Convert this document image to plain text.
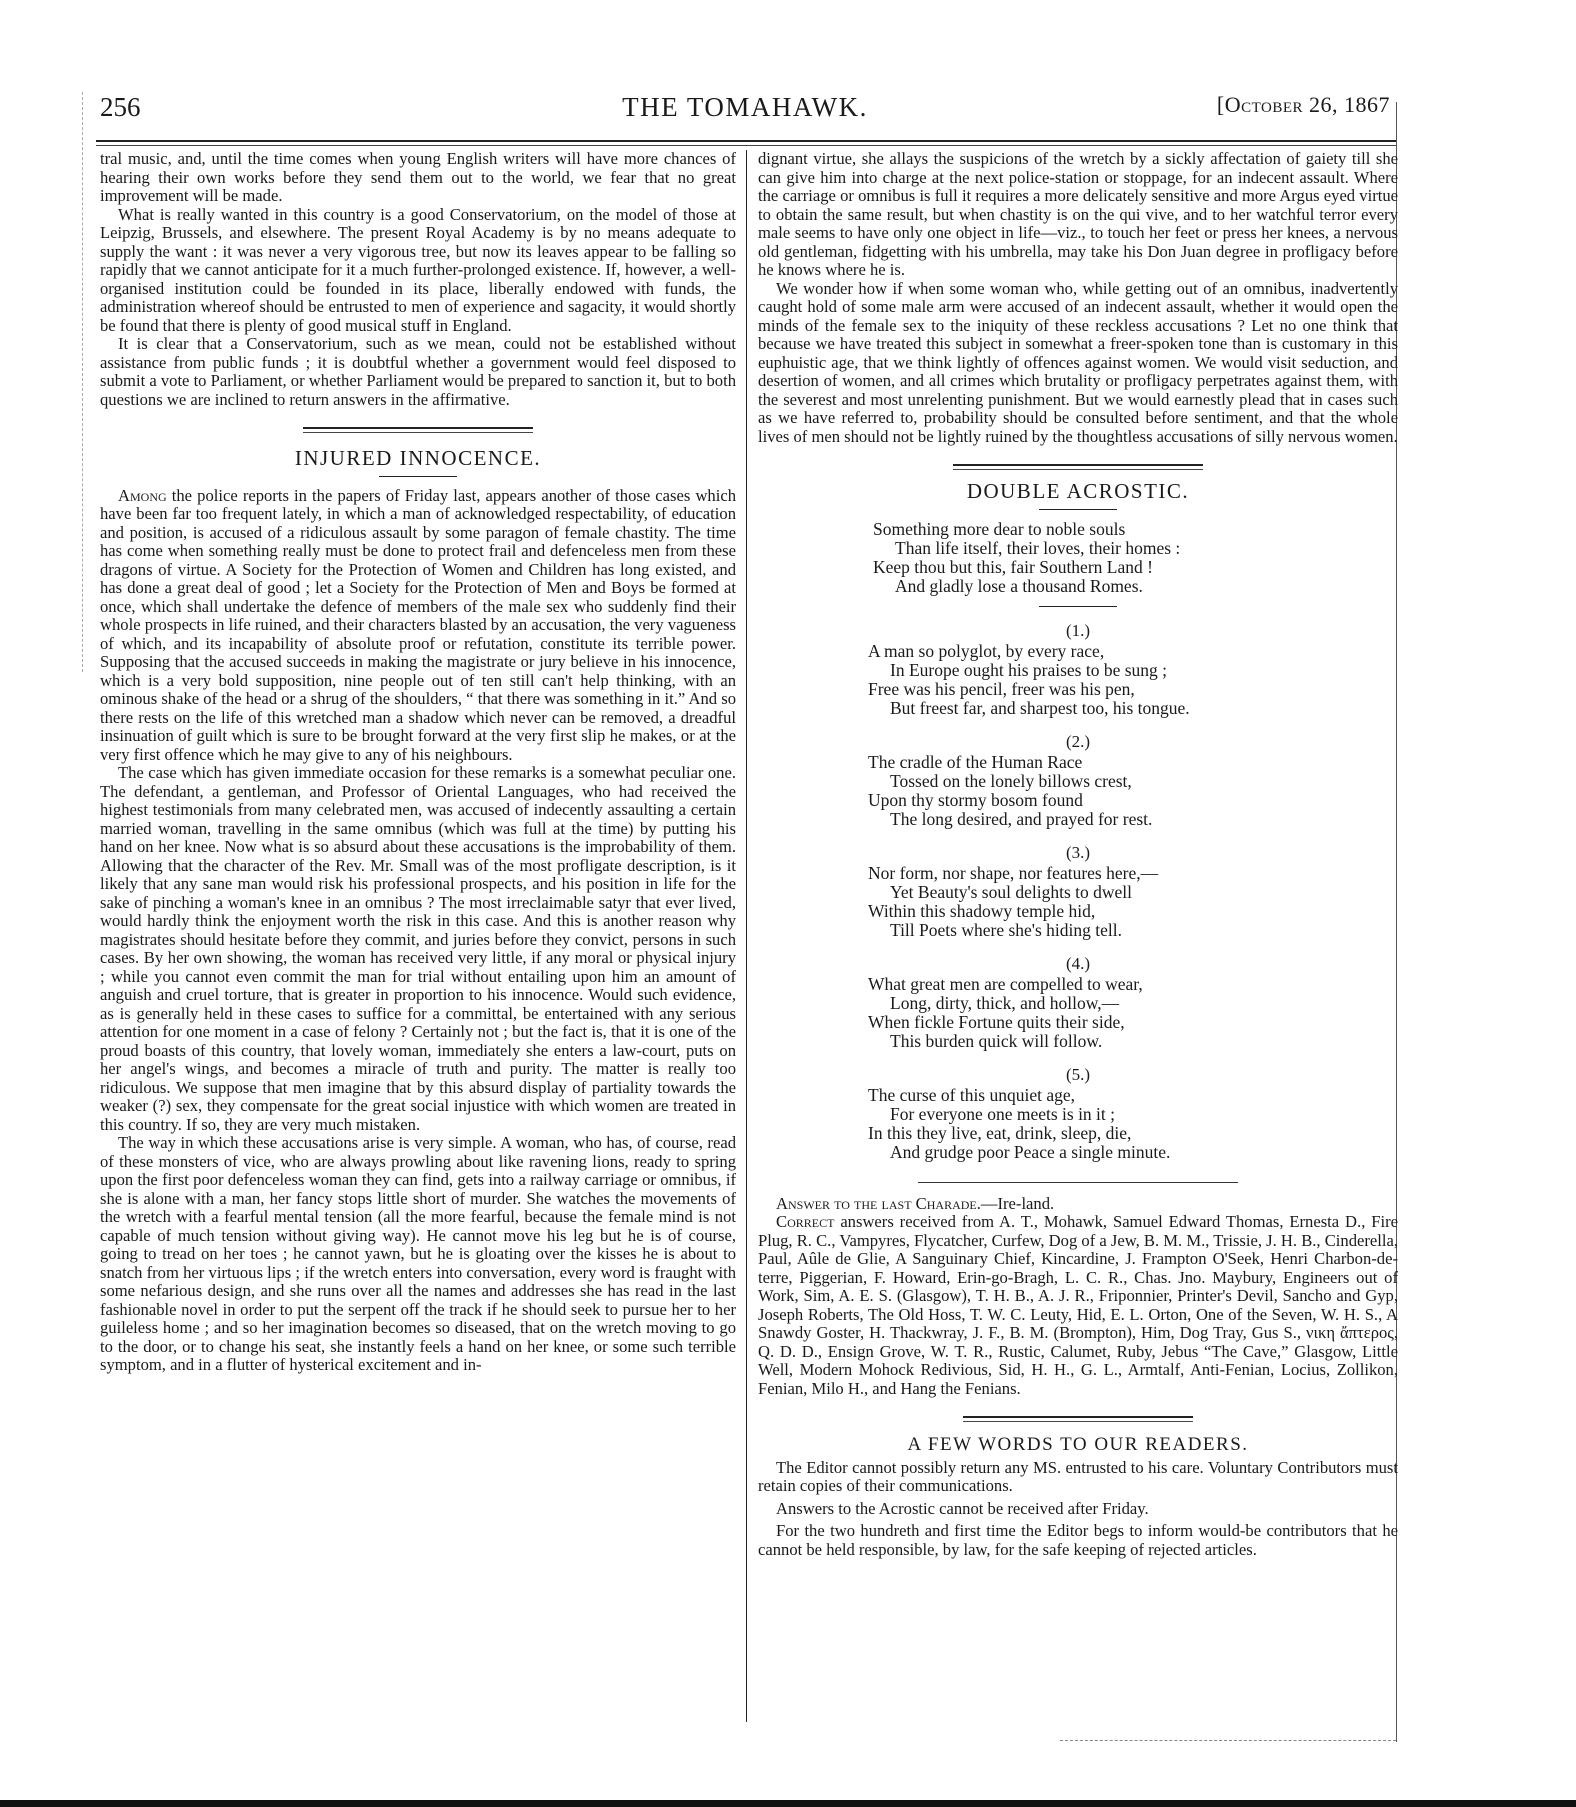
256	THE TOMAHAWK.	[October 26, 1867

tral music, and, until the time comes when young English writers will have more chances of hearing their own works before they send them out to the world, we fear that no great improvement will be made.

What is really wanted in this country is a good Conservatorium, on the model of those at Leipzig, Brussels, and elsewhere. The present Royal Academy is by no means adequate to supply the want : it was never a very vigorous tree, but now its leaves appear to be falling so rapidly that we cannot anticipate for it a much further-prolonged existence. If, however, a well-organised institution could be founded in its place, liberally endowed with funds, the administration whereof should be entrusted to men of experience and sagacity, it would shortly be found that there is plenty of good musical stuff in England.

It is clear that a Conservatorium, such as we mean, could not be established without assistance from public funds ; it is doubtful whether a government would feel disposed to submit a vote to Parliament, or whether Parliament would be prepared to sanction it, but to both questions we are inclined to return answers in the affirmative.

INJURED INNOCENCE.

Among the police reports in the papers of Friday last, appears another of those cases which have been far too frequent lately, in which a man of acknowledged respectability, of education and position, is accused of a ridiculous assault by some paragon of female chastity. The time has come when something really must be done to protect frail and defenceless men from these dragons of virtue. A Society for the Protection of Women and Children has long existed, and has done a great deal of good ; let a Society for the Protection of Men and Boys be formed at once, which shall undertake the defence of members of the male sex who suddenly find their whole prospects in life ruined, and their characters blasted by an accusation, the very vagueness of which, and its incapability of absolute proof or refutation, constitute its terrible power. Supposing that the accused succeeds in making the magistrate or jury believe in his innocence, which is a very bold supposition, nine people out of ten still can't help thinking, with an ominous shake of the head or a shrug of the shoulders, “ that there was something in it.” And so there rests on the life of this wretched man a shadow which never can be removed, a dreadful insinuation of guilt which is sure to be brought forward at the very first slip he makes, or at the very first offence which he may give to any of his neighbours.

The case which has given immediate occasion for these remarks is a somewhat peculiar one. The defendant, a gentleman, and Professor of Oriental Languages, who had received the highest testimonials from many celebrated men, was accused of indecently assaulting a certain married woman, travelling in the same omnibus (which was full at the time) by putting his hand on her knee. Now what is so absurd about these accusations is the improbability of them. Allowing that the character of the Rev. Mr. Small was of the most profligate description, is it likely that any sane man would risk his professional prospects, and his position in life for the sake of pinching a woman's knee in an omnibus ? The most irreclaimable satyr that ever lived, would hardly think the enjoyment worth the risk in this case. And this is another reason why magistrates should hesitate before they commit, and juries before they convict, persons in such cases. By her own showing, the woman has received very little, if any moral or physical injury ; while you cannot even commit the man for trial without entailing upon him an amount of anguish and cruel torture, that is greater in proportion to his innocence. Would such evidence, as is generally held in these cases to suffice for a committal, be entertained with any serious attention for one moment in a case of felony ? Certainly not ; but the fact is, that it is one of the proud boasts of this country, that lovely woman, immediately she enters a law-court, puts on her angel's wings, and becomes a miracle of truth and purity. The matter is really too ridiculous. We suppose that men imagine that by this absurd display of partiality towards the weaker (?) sex, they compensate for the great social injustice with which women are treated in this country. If so, they are very much mistaken.

The way in which these accusations arise is very simple. A woman, who has, of course, read of these monsters of vice, who are always prowling about like ravening lions, ready to spring upon the first poor defenceless woman they can find, gets into a railway carriage or omnibus, if she is alone with a man, her fancy stops little short of murder. She watches the movements of the wretch with a fearful mental tension (all the more fearful, because the female mind is not capable of much tension without giving way). He cannot move his leg but he is of course, going to tread on her toes ; he cannot yawn, but he is gloating over the kisses he is about to snatch from her virtuous lips ; if the wretch enters into conversation, every word is fraught with some nefarious design, and she runs over all the names and addresses she has read in the last fashionable novel in order to put the serpent off the track if he should seek to pursue her to her guileless home ; and so her imagination becomes so diseased, that on the wretch moving to go to the door, or to change his seat, she instantly feels a hand on her knee, or some such terrible symptom, and in a flutter of hysterical excitement and in-

dignant virtue, she allays the suspicions of the wretch by a sickly affectation of gaiety till she can give him into charge at the next police-station or stoppage, for an indecent assault. Where the carriage or omnibus is full it requires a more delicately sensitive and more Argus eyed virtue to obtain the same result, but when chastity is on the qui vive, and to her watchful terror every male seems to have only one object in life—viz., to touch her feet or press her knees, a nervous old gentleman, fidgetting with his umbrella, may take his Don Juan degree in profligacy before he knows where he is.

We wonder how if when some woman who, while getting out of an omnibus, inadvertently caught hold of some male arm were accused of an indecent assault, whether it would open the minds of the female sex to the iniquity of these reckless accusations ? Let no one think that because we have treated this subject in somewhat a freer-spoken tone than is customary in this euphuistic age, that we think lightly of offences against women. We would visit seduction, and desertion of women, and all crimes which brutality or profligacy perpetrates against them, with the severest and most unrelenting punishment. But we would earnestly plead that in cases such as we have referred to, probability should be consulted before sentiment, and that the whole lives of men should not be lightly ruined by the thoughtless accusations of silly nervous women.

DOUBLE ACROSTIC.
Something more dear to noble souls
Than life itself, their loves, their homes :
Keep thou but this, fair Southern Land !
And gladly lose a thousand Romes.
(1.)
A man so polyglot, by every race,
In Europe ought his praises to be sung ;
Free was his pencil, freer was his pen,
But freest far, and sharpest too, his tongue.
(2.)
The cradle of the Human Race
Tossed on the lonely billows crest,
Upon thy stormy bosom found
The long desired, and prayed for rest.
(3.)
Nor form, nor shape, nor features here,—
Yet Beauty's soul delights to dwell
Within this shadowy temple hid,
Till Poets where she's hiding tell.
(4.)
What great men are compelled to wear,
Long, dirty, thick, and hollow,—
When fickle Fortune quits their side,
This burden quick will follow.
(5.)
The curse of this unquiet age,
For everyone one meets is in it ;
In this they live, eat, drink, sleep, die,
And grudge poor Peace a single minute.

Answer to the last Charade.—Ire-land.

Correct answers received from A. T., Mohawk, Samuel Edward Thomas, Ernesta D., Fire Plug, R. C., Vampyres, Flycatcher, Curfew, Dog of a Jew, B. M. M., Trissie, J. H. B., Cinderella, Paul, Aûle de Glie, A Sanguinary Chief, Kincardine, J. Frampton O'Seek, Henri Charbon-de-terre, Piggerian, F. Howard, Erin-go-Bragh, L. C. R., Chas. Jno. Maybury, Engineers out of Work, Sim, A. E. S. (Glasgow), T. H. B., A. J. R., Friponnier, Printer's Devil, Sancho and Gyp, Joseph Roberts, The Old Hoss, T. W. C. Leuty, Hid, E. L. Orton, One of the Seven, W. H. S., A Snawdy Goster, H. Thackwray, J. F., B. M. (Brompton), Him, Dog Tray, Gus S., νικη ἄπτερος, Q. D. D., Ensign Grove, W. T. R., Rustic, Calumet, Ruby, Jebus “The Cave,” Glasgow, Little Well, Modern Mohock Redivious, Sid, H. H., G. L., Armtalf, Anti-Fenian, Locius, Zollikon, Fenian, Milo H., and Hang the Fenians.

A FEW WORDS TO OUR READERS.

The Editor cannot possibly return any MS. entrusted to his care. Voluntary Contributors must retain copies of their communications.

Answers to the Acrostic cannot be received after Friday.

For the two hundreth and first time the Editor begs to inform would-be contributors that he cannot be held responsible, by law, for the safe keeping of rejected articles.
